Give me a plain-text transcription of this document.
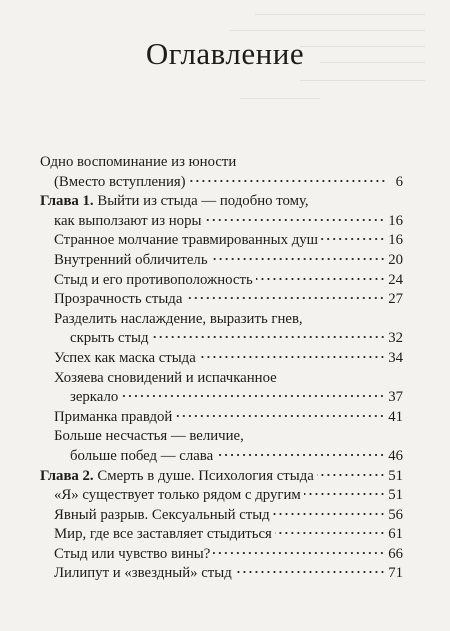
Оглавление
Одно воспоминание из юности
(Вместо вступления)	6
Глава 1. Выйти из стыда — подобно тому,
как выползают из норы	16
Странное молчание травмированных душ	16
Внутренний обличитель	20
Стыд и его противоположность	24
Прозрачность стыда	27
Разделить наслаждение, выразить гнев,
скрыть стыд	32
Успех как маска стыда	34
Хозяева сновидений и испачканное
зеркало	37
Приманка правдой	41
Больше несчастья — величие,
больше побед — слава	46
Глава 2. Смерть в душе. Психология стыда	51
«Я» существует только рядом с другим	51
Явный разрыв. Сексуальный стыд	56
Мир, где все заставляет стыдиться	61
Стыд или чувство вины?	66
Лилипут и «звездный» стыд	71
